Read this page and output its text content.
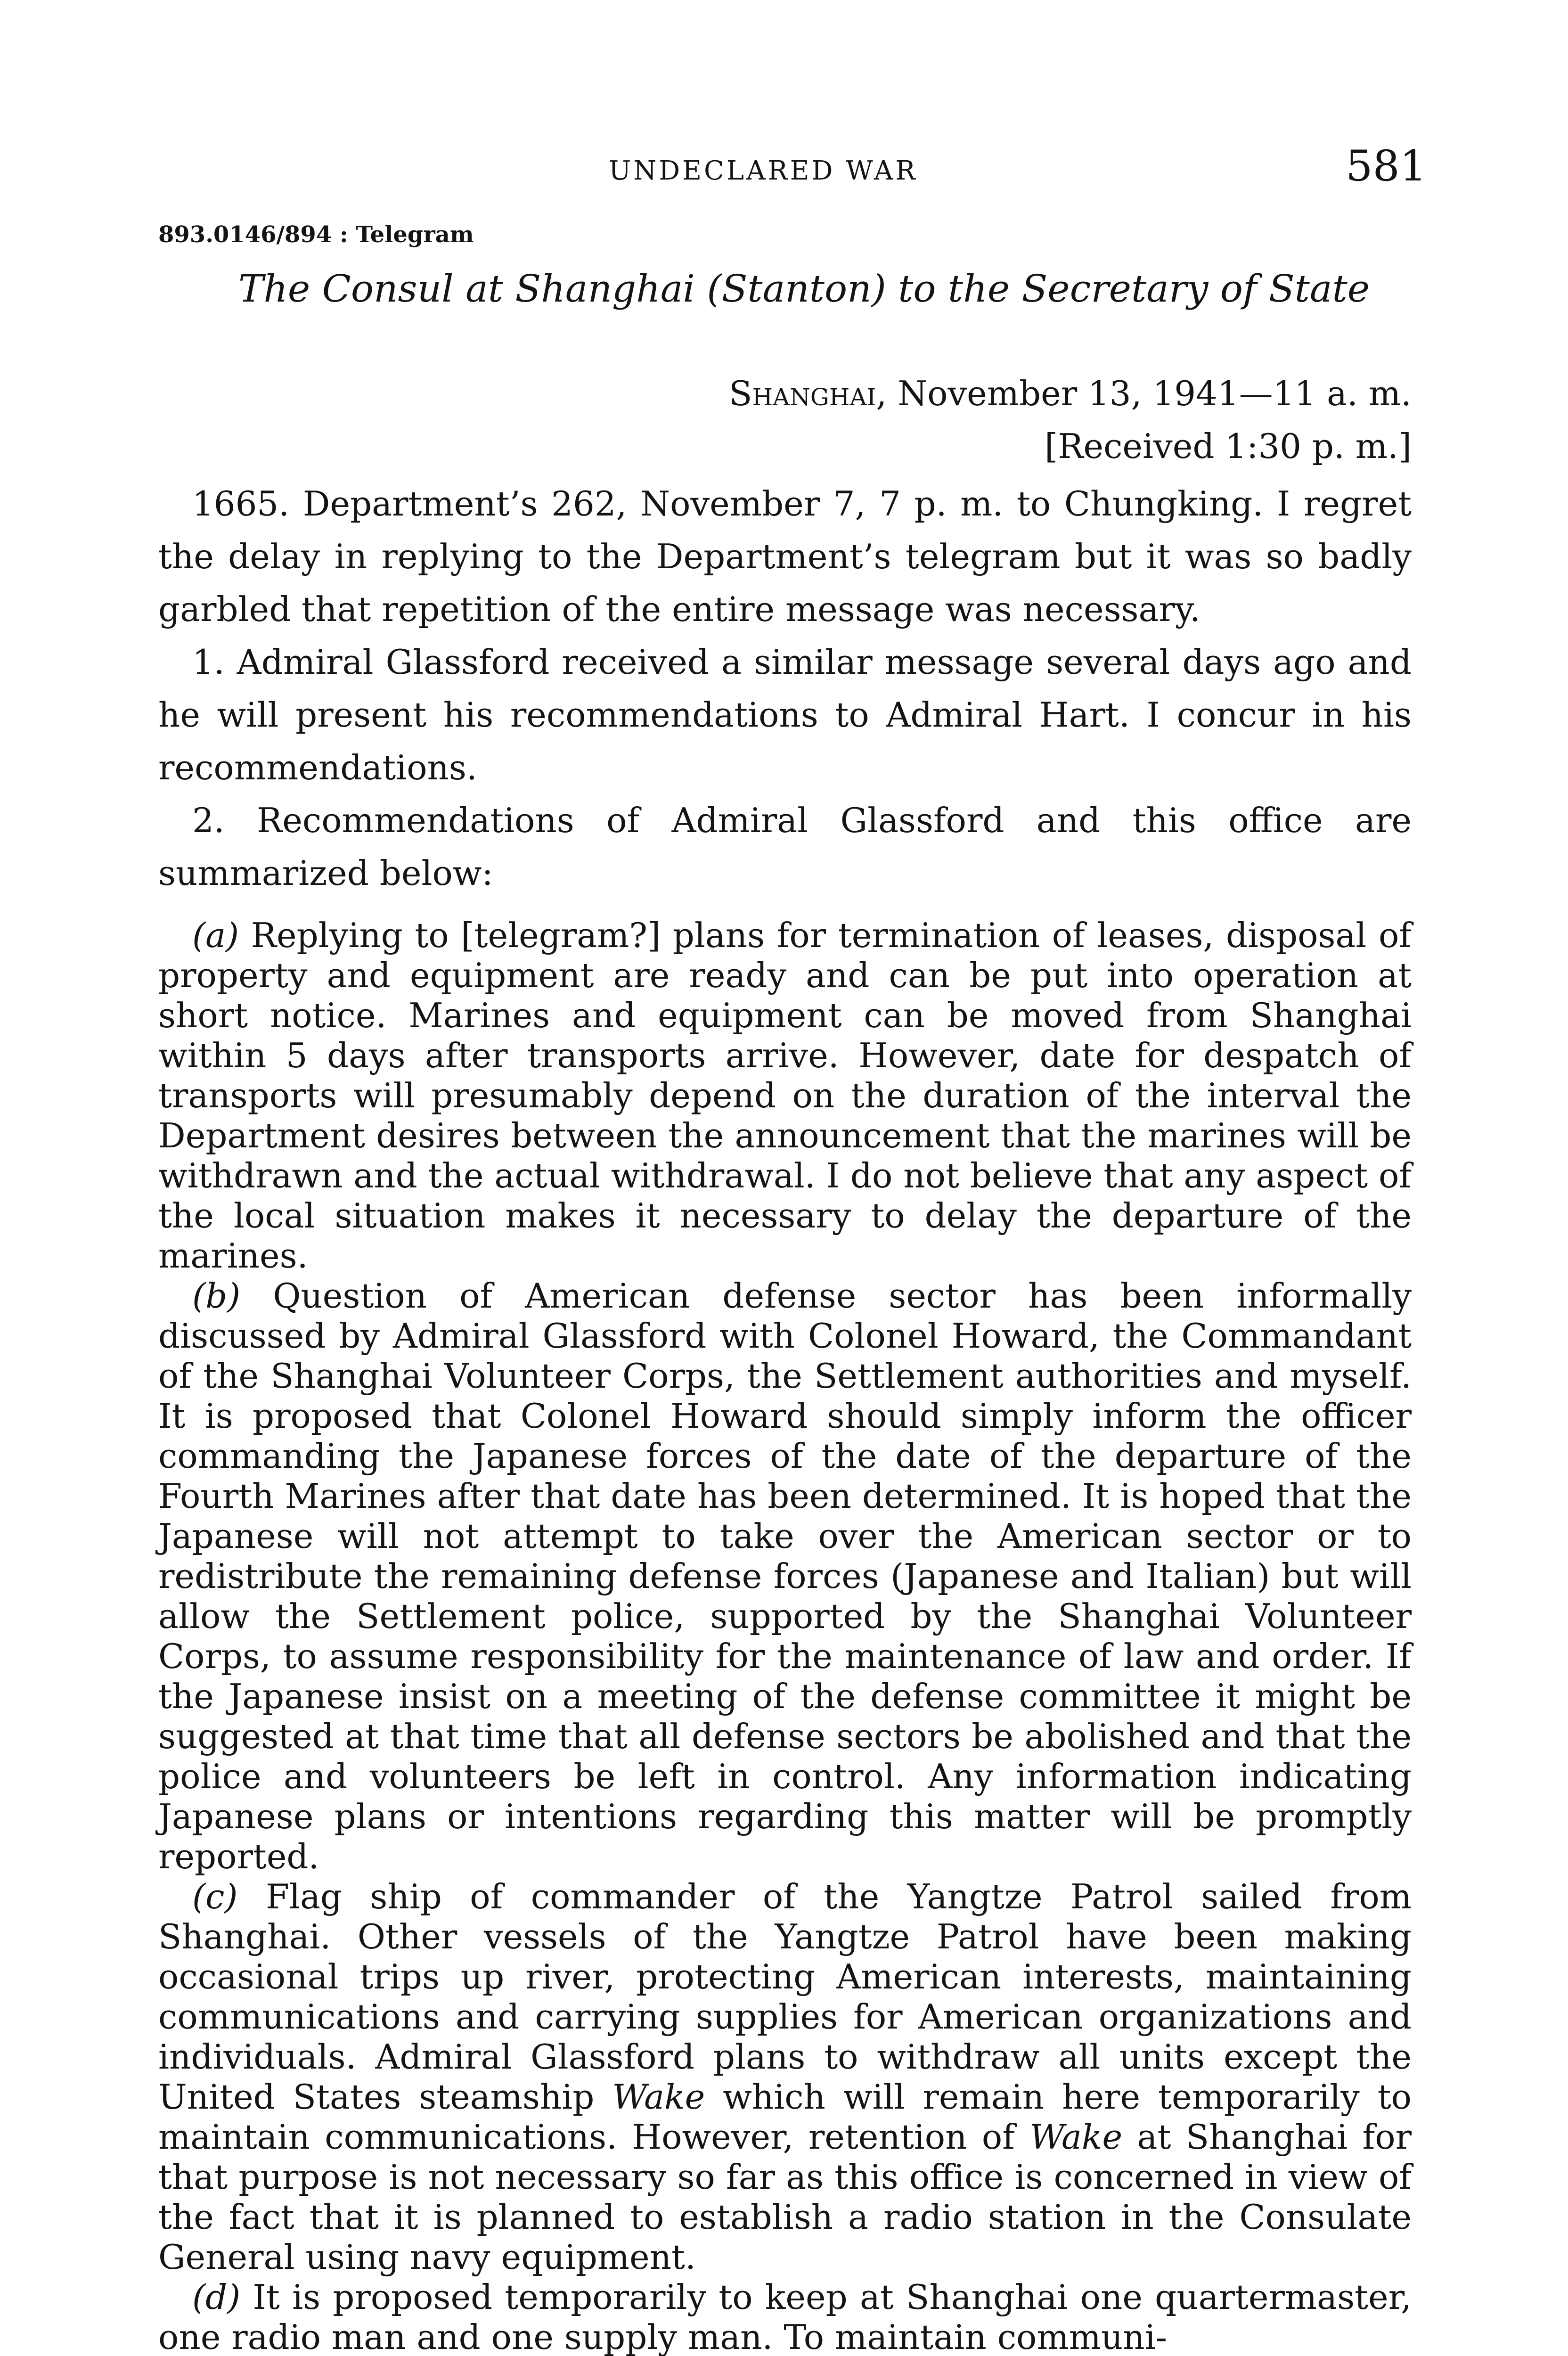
UNDECLARED WAR	581
893.0146/894 : Telegram
The Consul at Shanghai (Stanton) to the Secretary of State
Shanghai, November 13, 1941—11 a. m.
[Received 1:30 p. m.]

1665. Department’s 262, November 7, 7 p. m. to Chungking. I regret the delay in replying to the Department’s telegram but it was so badly garbled that repetition of the entire message was necessary.

1. Admiral Glassford received a similar message several days ago and he will present his recommendations to Admiral Hart. I concur in his recommendations.

2. Recommendations of Admiral Glassford and this office are summarized below:

(a) Replying to [telegram?] plans for termination of leases, disposal of property and equipment are ready and can be put into operation at short notice. Marines and equipment can be moved from Shanghai within 5 days after transports arrive. However, date for despatch of transports will presumably depend on the duration of the interval the Department desires between the announcement that the marines will be withdrawn and the actual withdrawal. I do not believe that any aspect of the local situation makes it necessary to delay the departure of the marines.

(b) Question of American defense sector has been informally discussed by Admiral Glassford with Colonel Howard, the Commandant of the Shanghai Volunteer Corps, the Settlement authorities and myself. It is proposed that Colonel Howard should simply inform the officer commanding the Japanese forces of the date of the departure of the Fourth Marines after that date has been determined. It is hoped that the Japanese will not attempt to take over the American sector or to redistribute the remaining defense forces (Japanese and Italian) but will allow the Settlement police, supported by the Shanghai Volunteer Corps, to assume responsibility for the maintenance of law and order. If the Japanese insist on a meeting of the defense committee it might be suggested at that time that all defense sectors be abolished and that the police and volunteers be left in control. Any information indicating Japanese plans or intentions regarding this matter will be promptly reported.

(c) Flag ship of commander of the Yangtze Patrol sailed from Shanghai. Other vessels of the Yangtze Patrol have been making occasional trips up river, protecting American interests, maintaining communications and carrying supplies for American organizations and individuals. Admiral Glassford plans to withdraw all units except the United States steamship Wake which will remain here temporarily to maintain communications. However, retention of Wake at Shanghai for that purpose is not necessary so far as this office is concerned in view of the fact that it is planned to establish a radio station in the Consulate General using navy equipment.

(d) It is proposed temporarily to keep at Shanghai one quartermaster, one radio man and one supply man. To maintain communi-
